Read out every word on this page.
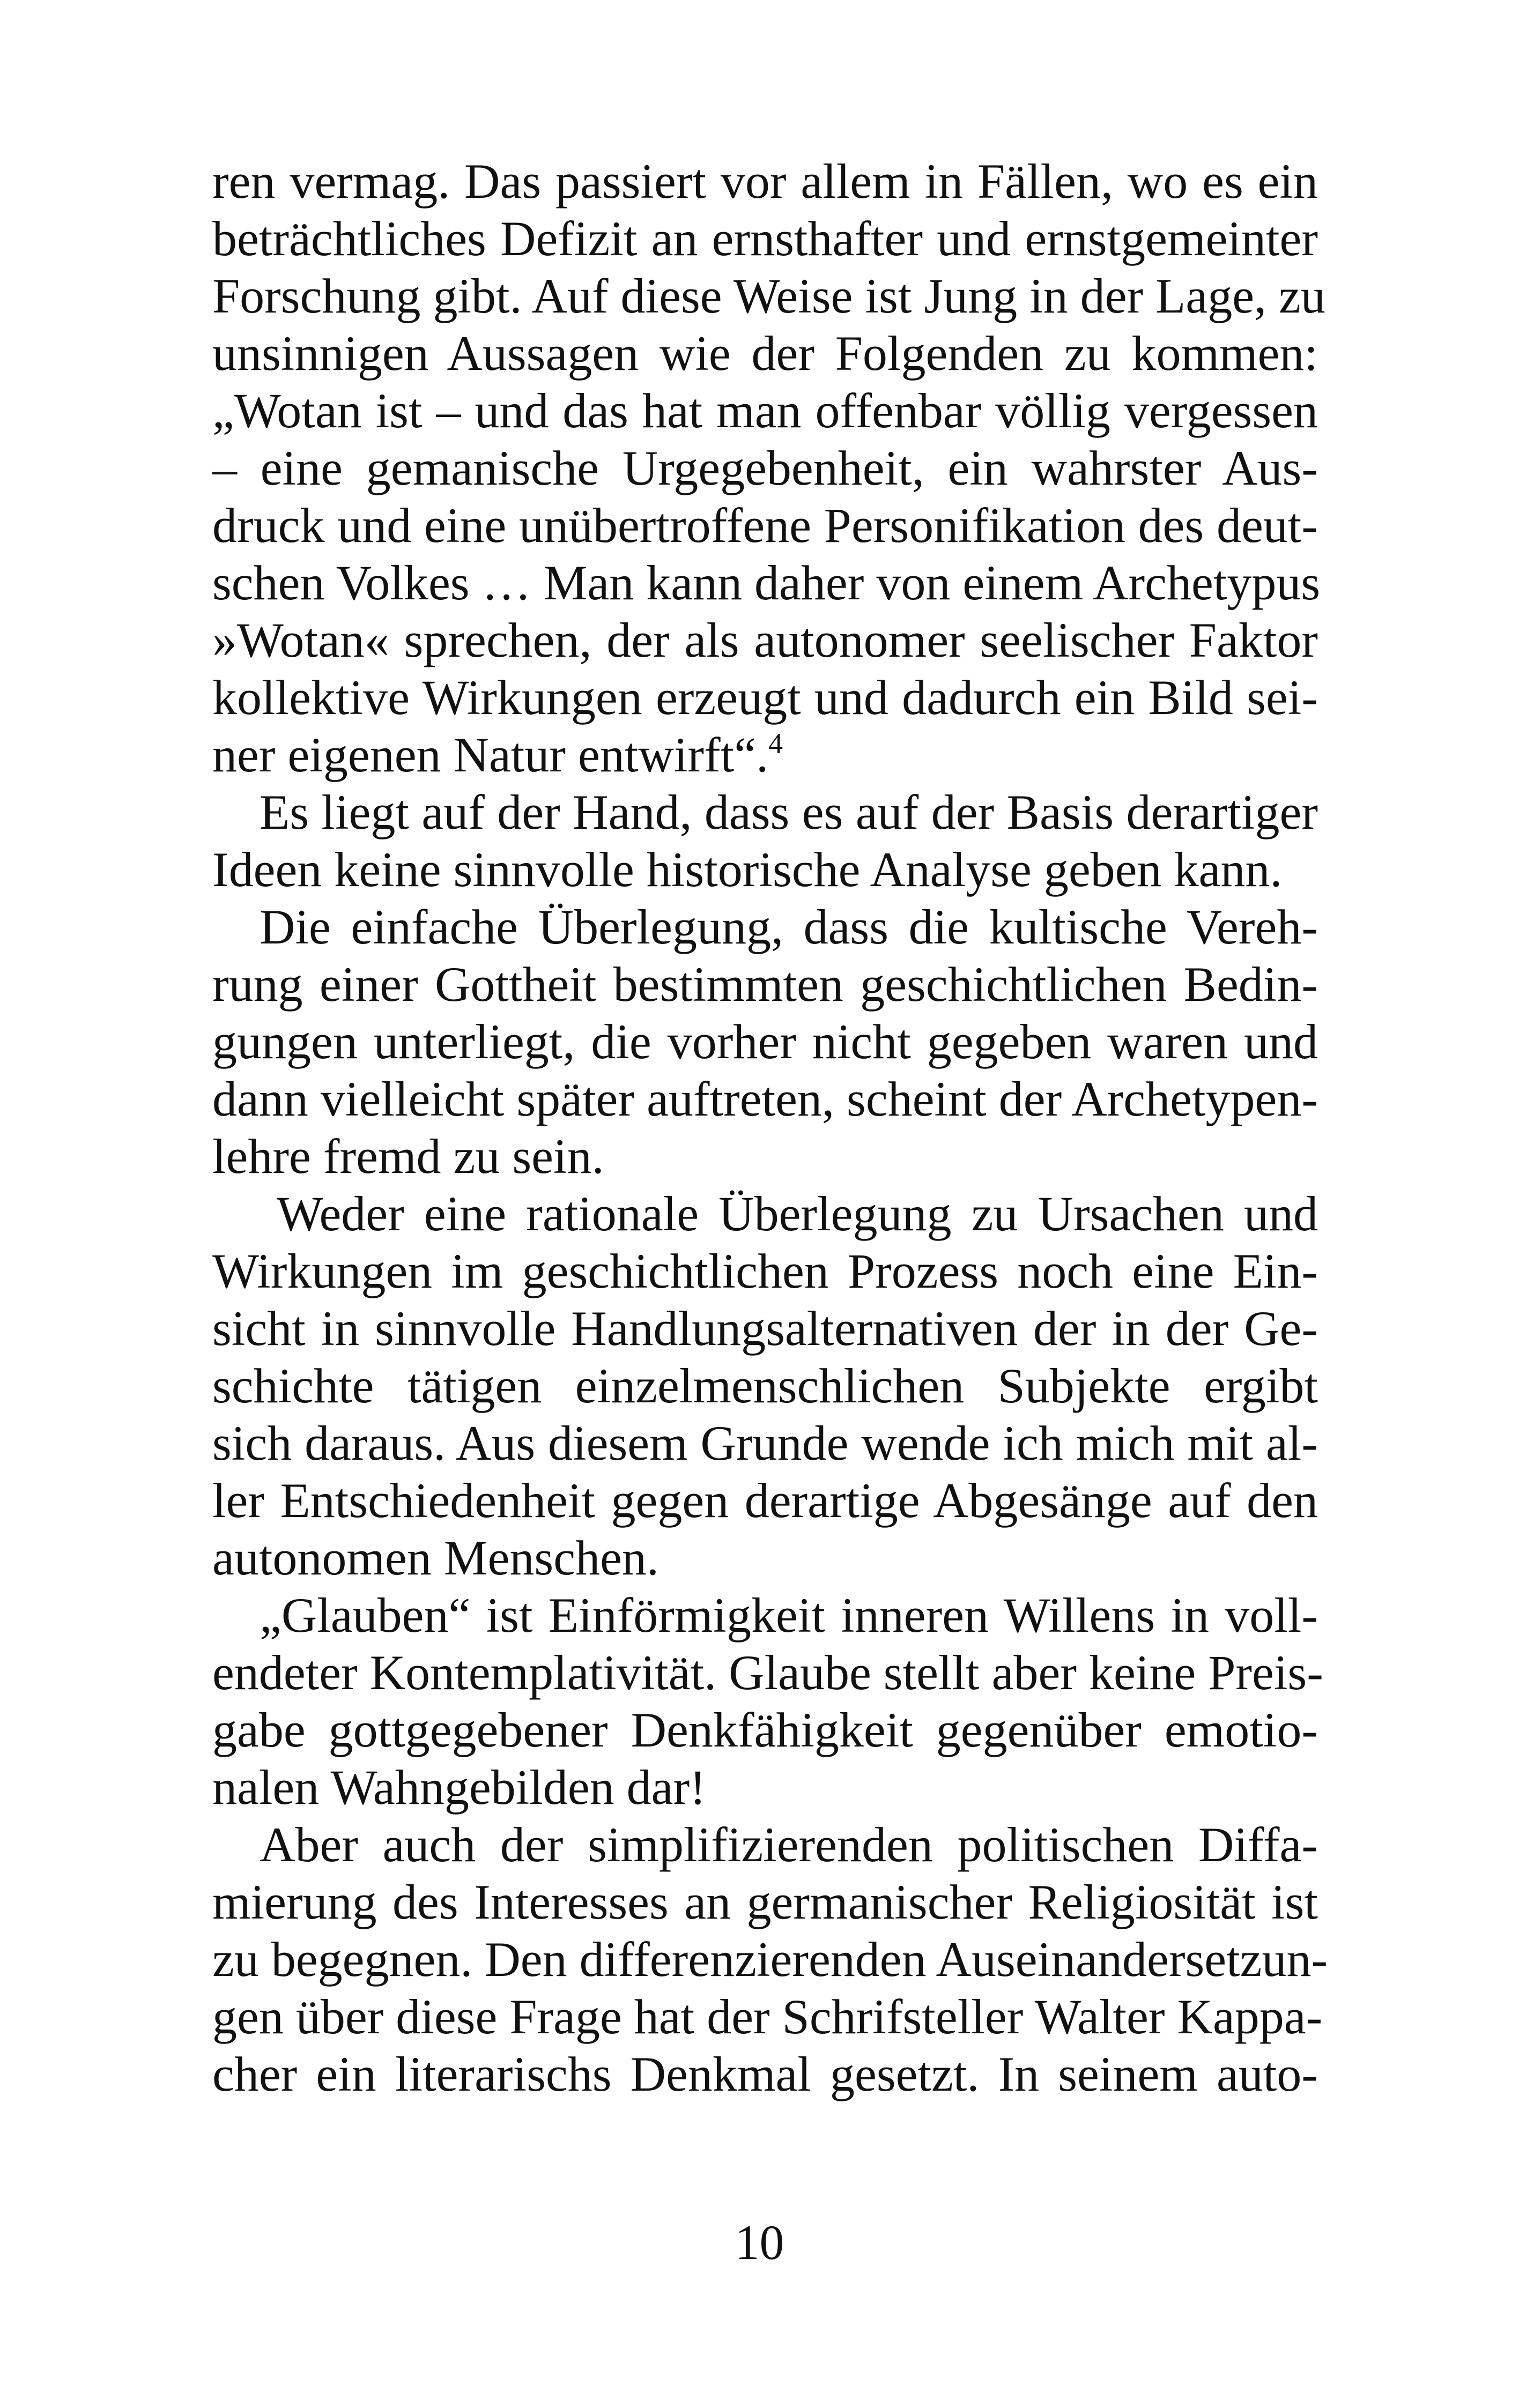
ren vermag. Das passiert vor allem in Fällen, wo es ein
beträchtliches Defizit an ernsthafter und ernstgemeinter
Forschung gibt. Auf diese Weise ist Jung in der Lage, zu
unsinnigen Aussagen wie der Folgenden zu kommen:
„Wotan ist – und das hat man offenbar völlig vergessen
– eine gemanische Urgegebenheit, ein wahrster Aus-
druck und eine unübertroffene Personifikation des deut-
schen Volkes … Man kann daher von einem Archetypus
»Wotan« sprechen, der als autonomer seelischer Faktor
kollektive Wirkungen erzeugt und dadurch ein Bild sei-
ner eigenen Natur entwirft“.$^4$
Es liegt auf der Hand, dass es auf der Basis derartiger
Ideen keine sinnvolle historische Analyse geben kann.
Die einfache Überlegung, dass die kultische Vereh-
rung einer Gottheit bestimmten geschichtlichen Bedin-
gungen unterliegt, die vorher nicht gegeben waren und
dann vielleicht später auftreten, scheint der Archetypen-
lehre fremd zu sein.
Weder eine rationale Überlegung zu Ursachen und
Wirkungen im geschichtlichen Prozess noch eine Ein-
sicht in sinnvolle Handlungsalternativen der in der Ge-
schichte tätigen einzelmenschlichen Subjekte ergibt
sich daraus. Aus diesem Grunde wende ich mich mit al-
ler Entschiedenheit gegen derartige Abgesänge auf den
autonomen Menschen.
„Glauben“ ist Einförmigkeit inneren Willens in voll-
endeter Kontemplativität. Glaube stellt aber keine Preis-
gabe gottgegebener Denkfähigkeit gegenüber emotio-
nalen Wahngebilden dar!
Aber auch der simplifizierenden politischen Diffa-
mierung des Interesses an germanischer Religiosität ist
zu begegnen. Den differenzierenden Auseinandersetzun-
gen über diese Frage hat der Schrifsteller Walter Kappa-
cher ein literarischs Denkmal gesetzt. In seinem auto-
10
